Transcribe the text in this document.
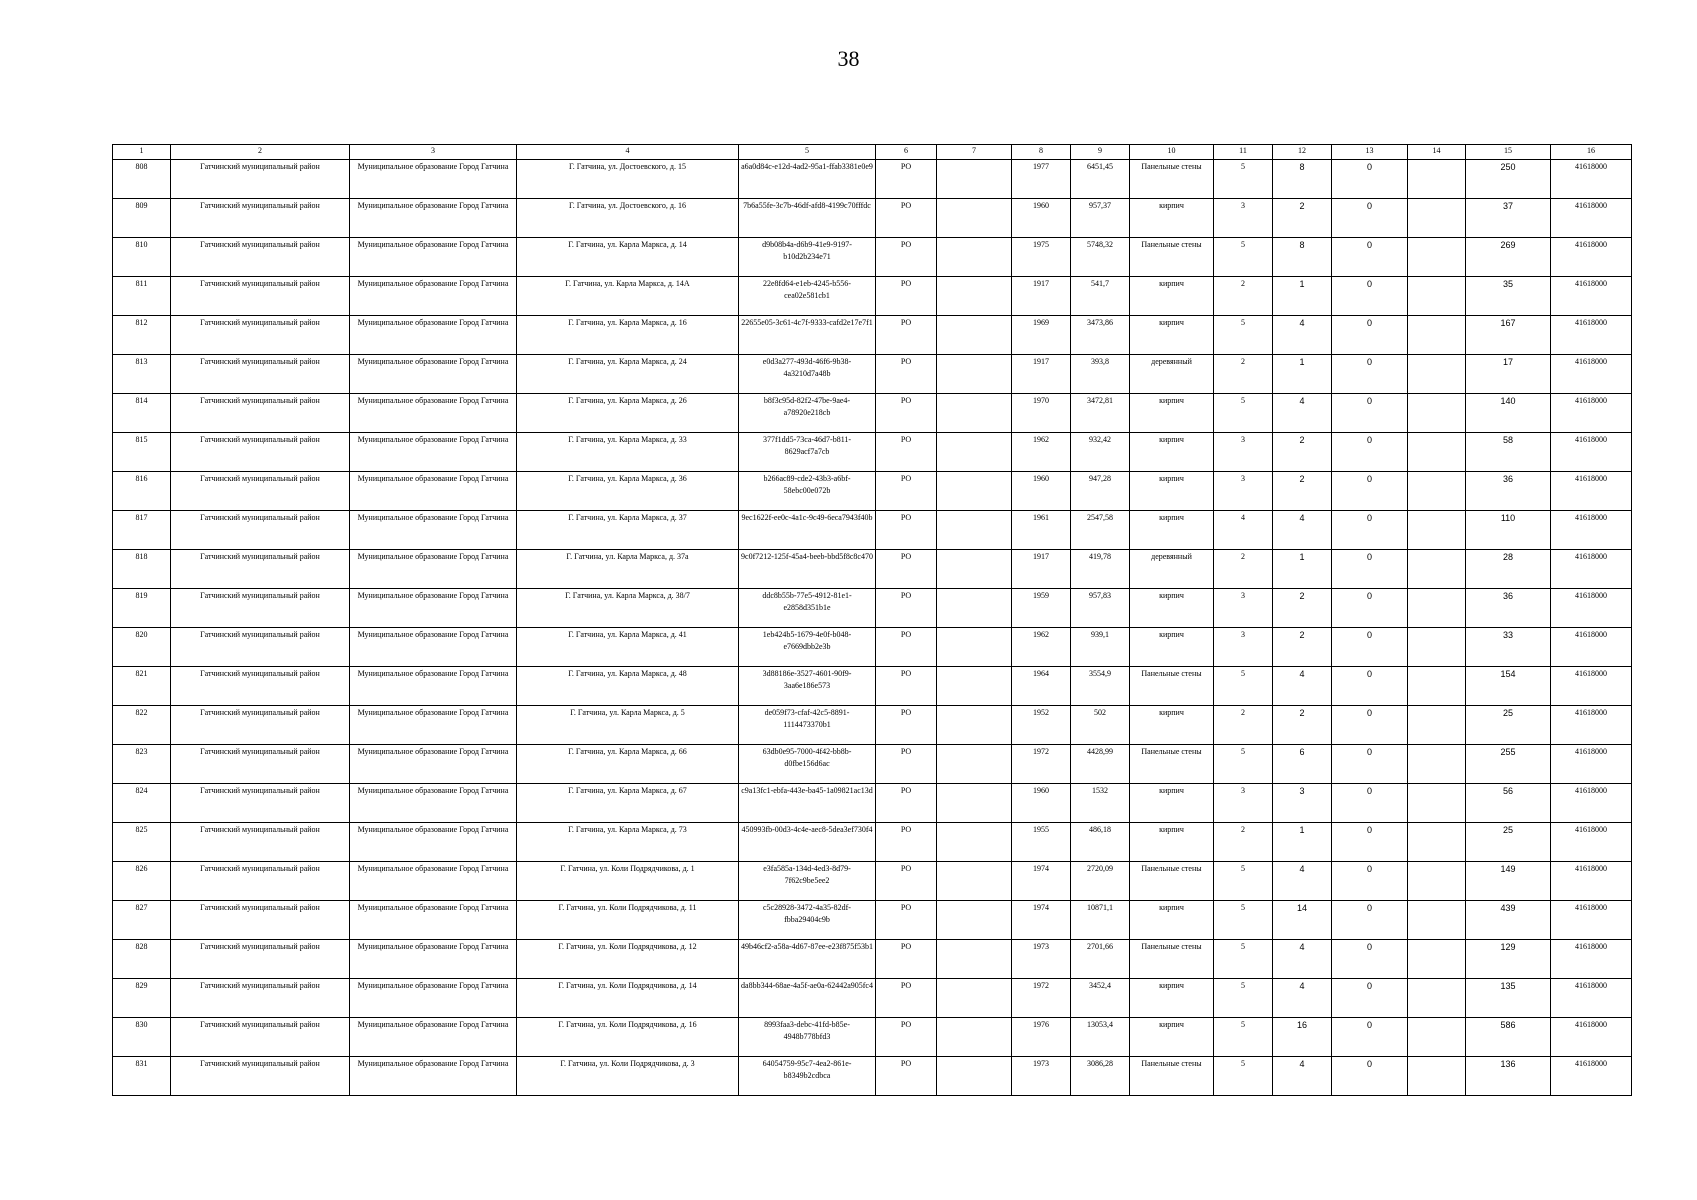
38
1	2	3	4	5	6	7	8	9	10	11	12	13	14	15	16
808	Гатчинский муниципальный район	Муниципальное образование Город Гатчина	Г. Гатчина, ул. Достоевского, д. 15	a6a0d84c-e12d-4ad2-95a1-ffab3381e0e9	РО		1977	6451,45	Панельные стены	5	8	0		250	41618000
809	Гатчинский муниципальный район	Муниципальное образование Город Гатчина	Г. Гатчина, ул. Достоевского, д. 16	7b6a55fe-3c7b-46df-afd8-4199c70fffdc	РО		1960	957,37	кирпич	3	2	0		37	41618000
810	Гатчинский муниципальный район	Муниципальное образование Город Гатчина	Г. Гатчина, ул. Карла Маркса, д. 14	d9b08b4a-d6b9-41e9-9197-b10d2b234e71	РО		1975	5748,32	Панельные стены	5	8	0		269	41618000
811	Гатчинский муниципальный район	Муниципальное образование Город Гатчина	Г. Гатчина, ул. Карла Маркса, д. 14А	22e8fd64-e1eb-4245-b556-cea02e581cb1	РО		1917	541,7	кирпич	2	1	0		35	41618000
812	Гатчинский муниципальный район	Муниципальное образование Город Гатчина	Г. Гатчина, ул. Карла Маркса, д. 16	22655e05-3c61-4c7f-9333-cafd2e17e7f1	РО		1969	3473,86	кирпич	5	4	0		167	41618000
813	Гатчинский муниципальный район	Муниципальное образование Город Гатчина	Г. Гатчина, ул. Карла Маркса, д. 24	e0d3a277-493d-46f6-9b38-4a3210d7a48b	РО		1917	393,8	деревянный	2	1	0		17	41618000
814	Гатчинский муниципальный район	Муниципальное образование Город Гатчина	Г. Гатчина, ул. Карла Маркса, д. 26	b8f3c95d-82f2-47be-9ae4-a78920e218cb	РО		1970	3472,81	кирпич	5	4	0		140	41618000
815	Гатчинский муниципальный район	Муниципальное образование Город Гатчина	Г. Гатчина, ул. Карла Маркса, д. 33	377f1dd5-73ca-46d7-b811-8629acf7a7cb	РО		1962	932,42	кирпич	3	2	0		58	41618000
816	Гатчинский муниципальный район	Муниципальное образование Город Гатчина	Г. Гатчина, ул. Карла Маркса, д. 36	b266ac89-cde2-43b3-a6bf-58ebc00e072b	РО		1960	947,28	кирпич	3	2	0		36	41618000
817	Гатчинский муниципальный район	Муниципальное образование Город Гатчина	Г. Гатчина, ул. Карла Маркса, д. 37	9ec1622f-ee0c-4a1c-9c49-6eca7943f40b	РО		1961	2547,58	кирпич	4	4	0		110	41618000
818	Гатчинский муниципальный район	Муниципальное образование Город Гатчина	Г. Гатчина, ул. Карла Маркса, д. 37а	9c0f7212-125f-45a4-beeb-bbd5f8c8c470	РО		1917	419,78	деревянный	2	1	0		28	41618000
819	Гатчинский муниципальный район	Муниципальное образование Город Гатчина	Г. Гатчина, ул. Карла Маркса, д. 38/7	ddc8b55b-77e5-4912-81e1-e2858d351b1e	РО		1959	957,83	кирпич	3	2	0		36	41618000
820	Гатчинский муниципальный район	Муниципальное образование Город Гатчина	Г. Гатчина, ул. Карла Маркса, д. 41	1eb424b5-1679-4e0f-b048-e7669dbb2e3b	РО		1962	939,1	кирпич	3	2	0		33	41618000
821	Гатчинский муниципальный район	Муниципальное образование Город Гатчина	Г. Гатчина, ул. Карла Маркса, д. 48	3d88186e-3527-4601-90f9-3aa6e186e573	РО		1964	3554,9	Панельные стены	5	4	0		154	41618000
822	Гатчинский муниципальный район	Муниципальное образование Город Гатчина	Г. Гатчина, ул. Карла Маркса, д. 5	de059f73-cfaf-42c5-8891-1114473370b1	РО		1952	502	кирпич	2	2	0		25	41618000
823	Гатчинский муниципальный район	Муниципальное образование Город Гатчина	Г. Гатчина, ул. Карла Маркса, д. 66	63db0e95-7000-4f42-bb8b-d0fbe156d6ac	РО		1972	4428,99	Панельные стены	5	6	0		255	41618000
824	Гатчинский муниципальный район	Муниципальное образование Город Гатчина	Г. Гатчина, ул. Карла Маркса, д. 67	c9a13fc1-ebfa-443e-ba45-1a09821ac13d	РО		1960	1532	кирпич	3	3	0		56	41618000
825	Гатчинский муниципальный район	Муниципальное образование Город Гатчина	Г. Гатчина, ул. Карла Маркса, д. 73	450993fb-00d3-4c4e-aec8-5dea3ef730f4	РО		1955	486,18	кирпич	2	1	0		25	41618000
826	Гатчинский муниципальный район	Муниципальное образование Город Гатчина	Г. Гатчина, ул. Коли Подрядчикова, д. 1	e3fa585a-134d-4ed3-8d79-7f62c9be5ee2	РО		1974	2720,09	Панельные стены	5	4	0		149	41618000
827	Гатчинский муниципальный район	Муниципальное образование Город Гатчина	Г. Гатчина, ул. Коли Подрядчикова, д. 11	c5c28928-3472-4a35-82df-fbba29404c9b	РО		1974	10871,1	кирпич	5	14	0		439	41618000
828	Гатчинский муниципальный район	Муниципальное образование Город Гатчина	Г. Гатчина, ул. Коли Подрядчикова, д. 12	49b46cf2-a58a-4d67-87ee-e23f875f53b1	РО		1973	2701,66	Панельные стены	5	4	0		129	41618000
829	Гатчинский муниципальный район	Муниципальное образование Город Гатчина	Г. Гатчина, ул. Коли Подрядчикова, д. 14	da8bb344-68ae-4a5f-ae0a-62442a905fc4	РО		1972	3452,4	кирпич	5	4	0		135	41618000
830	Гатчинский муниципальный район	Муниципальное образование Город Гатчина	Г. Гатчина, ул. Коли Подрядчикова, д. 16	8993faa3-debc-41fd-b85e-4948b778bfd3	РО		1976	13053,4	кирпич	5	16	0		586	41618000
831	Гатчинский муниципальный район	Муниципальное образование Город Гатчина	Г. Гатчина, ул. Коли Подрядчикова, д. 3	64054759-95c7-4ea2-861e-b8349b2cdbca	РО		1973	3086,28	Панельные стены	5	4	0		136	41618000
